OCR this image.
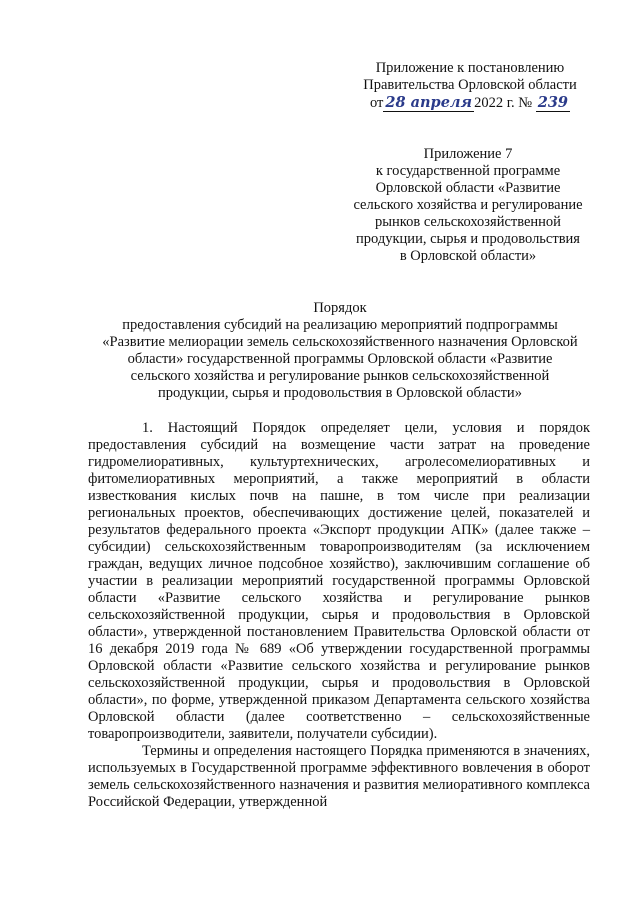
Приложение к постановлению
Правительства Орловской области
от 28 апреля 2022 г. № 239
Приложение 7
к государственной программе
Орловской области «Развитие
сельского хозяйства и регулирование
рынков сельскохозяйственной
продукции, сырья и продовольствия
в Орловской области»
Порядок
предоставления субсидий на реализацию мероприятий подпрограммы
«Развитие мелиорации земель сельскохозяйственного назначения Орловской
области» государственной программы Орловской области «Развитие
сельского хозяйства и регулирование рынков сельскохозяйственной
продукции, сырья и продовольствия в Орловской области»

1. Настоящий Порядок определяет цели, условия и порядок предоставления субсидий на возмещение части затрат на проведение гидромелиоративных, культуртехнических, агролесомелиоративных и фитомелиоративных мероприятий, а также мероприятий в области известкования кислых почв на пашне, в том числе при реализации региональных проектов, обеспечивающих достижение целей, показателей и результатов федерального проекта «Экспорт продукции АПК» (далее также – субсидии) сельскохозяйственным товаропроизводителям (за исключением граждан, ведущих личное подсобное хозяйство), заключившим соглашение об участии в реализации мероприятий государственной программы Орловской области «Развитие сельского хозяйства и регулирование рынков сельскохозяйственной продукции, сырья и продовольствия в Орловской области», утвержденной постановлением Правительства Орловской области от 16 декабря 2019 года № 689 «Об утверждении государственной программы Орловской области «Развитие сельского хозяйства и регулирование рынков сельскохозяйственной продукции, сырья и продовольствия в Орловской области», по форме, утвержденной приказом Департамента сельского хозяйства Орловской области (далее соответственно – сельскохозяйственные товаропроизводители, заявители, получатели субсидии).

Термины и определения настоящего Порядка применяются в значениях, используемых в Государственной программе эффективного вовлечения в оборот земель сельскохозяйственного назначения и развития мелиоративного комплекса Российской Федерации, утвержденной
